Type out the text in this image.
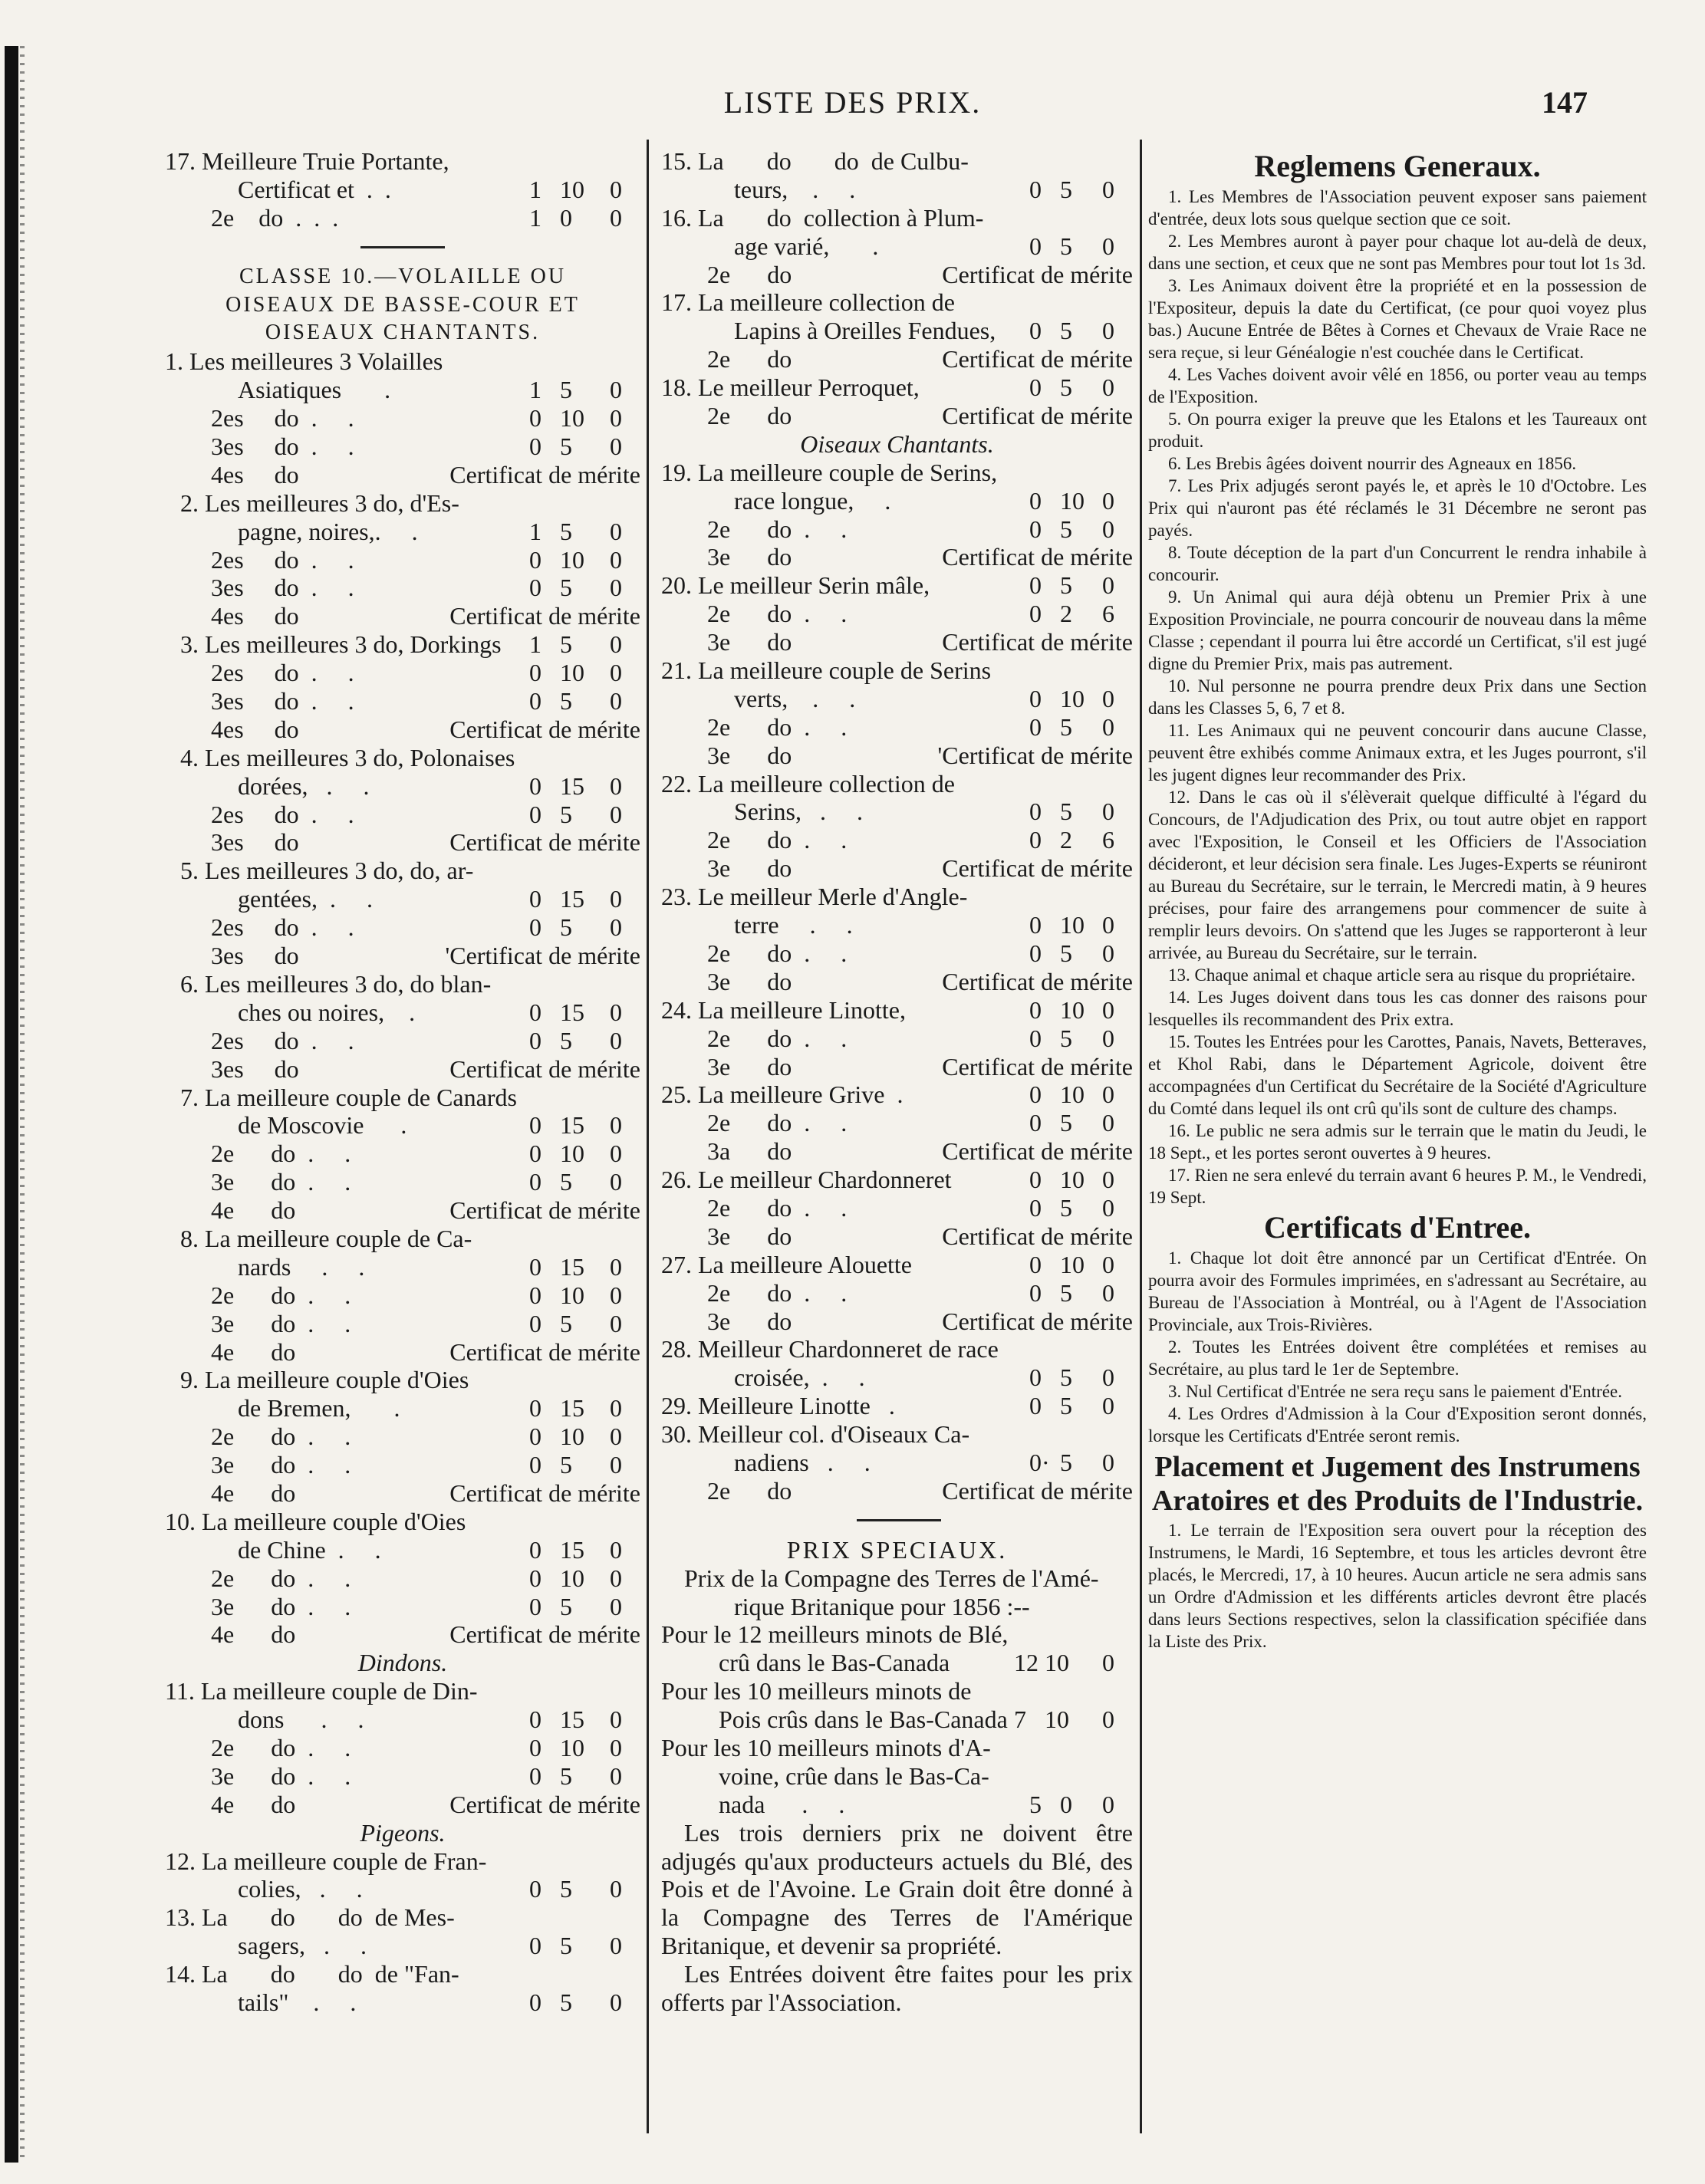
LISTE DES PRIX.	147
17. Meilleure Truie Portante,
Certificat et  .  .	1 10 0
2e    do  .  .  .	1 0 0
CLASSE 10.—VOLAILLE OU
OISEAUX DE BASSE-COUR ET
OISEAUX CHANTANTS.
1. Les meilleures 3 Volailles
Asiatiques       .	1 5 0
2es     do  .     .	0 10 0
3es     do  .     .	0 5 0
4es     do	Certificat de mérite
2. Les meilleures 3 do, d'Es-
pagne, noires,.     .	1 5 0
2es     do  .     .	0 10 0
3es     do  .     .	0 5 0
4es     do	Certificat de mérite
3. Les meilleures 3 do, Dorkings 1 5 0
2es     do  .     .	0 10 0
3es     do  .     .	0 5 0
4es     do	Certificat de mérite
4. Les meilleures 3 do, Polonaises
dorées,   .     .	0 15 0
2es     do  .     .	0 5 0
3es     do	Certificat de mérite
5. Les meilleures 3 do, do, ar-
gentées,  .     .	0 15 0
2es     do  .     .	0 5 0
3es     do	'Certificat de mérite
6. Les meilleures 3 do, do blan-
ches ou noires,    .	0 15 0
2es     do  .     .	0 5 0
3es     do	Certificat de mérite
7. La meilleure couple de Canards
de Moscovie      .	0 15 0
2e      do  .     .	0 10 0
3e      do  .     .	0 5 0
4e      do	Certificat de mérite
8. La meilleure couple de Ca-
nards     .     .	0 15 0
2e      do  .     .	0 10 0
3e      do  .     .	0 5 0
4e      do	Certificat de mérite
9. La meilleure couple d'Oies
de Bremen,       .	0 15 0
2e      do  .     .	0 10 0
3e      do  .     .	0 5 0
4e      do	Certificat de mérite
10. La meilleure couple d'Oies
de Chine  .     .	0 15 0
2e      do  .     .	0 10 0
3e      do  .     .	0 5 0
4e      do	Certificat de mérite
Dindons.
11. La meilleure couple de Din-
dons      .     .	0 15 0
2e      do  .     .	0 10 0
3e      do  .     .	0 5 0
4e      do	Certificat de mérite
Pigeons.
12. La meilleure couple de Fran-
colies,   .     .	0 5 0
13. La       do       do  de Mes-
sagers,   .     .	0 5 0
14. La       do       do  de "Fan-
tails"    .     .	0 5 0
15. La       do       do  de Culbu-
teurs,    .     .	0 5 0
16. La       do  collection à Plum-
age varié,       .	0 5 0
2e      do	Certificat de mérite
17. La meilleure collection de
Lapins à Oreilles Fendues, 0 5 0
2e      do	Certificat de mérite
18. Le meilleur Perroquet,	0 5 0
2e      do	Certificat de mérite
Oiseaux Chantants.
19. La meilleure couple de Serins,
race longue,     .	0 10 0
2e      do  .     .	0 5 0
3e      do	Certificat de mérite
20. Le meilleur Serin mâle,	0 5 0
2e      do  .     .	0 2 6
3e      do	Certificat de mérite
21. La meilleure couple de Serins
verts,    .     .	0 10 0
2e      do  .     .	0 5 0
3e      do	'Certificat de mérite
22. La meilleure collection de
Serins,   .     .	0 5 0
2e      do  .     .	0 2 6
3e      do	Certificat de mérite
23. Le meilleur Merle d'Angle-
terre     .     .	0 10 0
2e      do  .     .	0 5 0
3e      do	Certificat de mérite
24. La meilleure Linotte,	0 10 0
2e      do  .     .	0 5 0
3e      do	Certificat de mérite
25. La meilleure Grive  .	0 10 0
2e      do  .     .	0 5 0
3a      do	Certificat de mérite
26. Le meilleur Chardonneret	0 10 0
2e      do  .     .	0 5 0
3e      do	Certificat de mérite
27. La meilleure Alouette	0 10 0
2e      do  .     .	0 5 0
3e      do	Certificat de mérite
28. Meilleur Chardonneret de race
croisée,  .     .	0 5 0
29. Meilleure Linotte   .	0 5 0
30. Meilleur col. d'Oiseaux Ca-
nadiens   .     .	0· 5 0
2e      do	Certificat de mérite
PRIX SPECIAUX.
Prix de la Compagne des Terres de l'Amé-
rique Britanique pour 1856 :--
Pour le 12 meilleurs minots de Blé,
crû dans le Bas-Canada	12 10 0
Pour les 10 meilleurs minots de
Pois crûs dans le Bas-Canada 7 10 0
Pour les 10 meilleurs minots d'A-
voine, crûe dans le Bas-Ca-
nada      .     .	5 0 0
Les trois derniers prix ne doivent être adjugés qu'aux producteurs actuels du Blé, des Pois et de l'Avoine. Le Grain doit être donné à la Compagne des Terres de l'Amérique Britanique, et devenir sa propriété.
Les Entrées doivent être faites pour les prix offerts par l'Association.

Reglemens Generaux.

1. Les Membres de l'Association peuvent exposer sans paiement d'entrée, deux lots sous quelque section que ce soit.

2. Les Membres auront à payer pour chaque lot au-delà de deux, dans une section, et ceux que ne sont pas Membres pour tout lot 1s 3d.

3. Les Animaux doivent être la propriété et en la possession de l'Expositeur, depuis la date du Certificat, (ce pour quoi voyez plus bas.) Aucune Entrée de Bêtes à Cornes et Chevaux de Vraie Race ne sera reçue, si leur Généalogie n'est couchée dans le Certificat.

4. Les Vaches doivent avoir vêlé en 1856, ou porter veau au temps de l'Exposition.

5. On pourra exiger la preuve que les Etalons et les Taureaux ont produit.

6. Les Brebis âgées doivent nourrir des Agneaux en 1856.

7. Les Prix adjugés seront payés le, et après le 10 d'Octobre. Les Prix qui n'auront pas été réclamés le 31 Décembre ne seront pas payés.

8. Toute déception de la part d'un Concurrent le rendra inhabile à concourir.

9. Un Animal qui aura déjà obtenu un Premier Prix à une Exposition Provinciale, ne pourra concourir de nouveau dans la même Classe ; cependant il pourra lui être accordé un Certificat, s'il est jugé digne du Premier Prix, mais pas autrement.

10. Nul personne ne pourra prendre deux Prix dans une Section dans les Classes 5, 6, 7 et 8.

11. Les Animaux qui ne peuvent concourir dans aucune Classe, peuvent être exhibés comme Animaux extra, et les Juges pourront, s'il les jugent dignes leur recommander des Prix.

12. Dans le cas où il s'élèverait quelque difficulté à l'égard du Concours, de l'Adjudication des Prix, ou tout autre objet en rapport avec l'Exposition, le Conseil et les Officiers de l'Association décideront, et leur décision sera finale. Les Juges-Experts se réuniront au Bureau du Secrétaire, sur le terrain, le Mercredi matin, à 9 heures précises, pour faire des arrangemens pour commencer de suite à remplir leurs devoirs. On s'attend que les Juges se rapporteront à leur arrivée, au Bureau du Secrétaire, sur le terrain.

13. Chaque animal et chaque article sera au risque du propriétaire.

14. Les Juges doivent dans tous les cas donner des raisons pour lesquelles ils recommandent des Prix extra.

15. Toutes les Entrées pour les Carottes, Panais, Navets, Betteraves, et Khol Rabi, dans le Département Agricole, doivent être accompagnées d'un Certificat du Secrétaire de la Société d'Agriculture du Comté dans lequel ils ont crû qu'ils sont de culture des champs.

16. Le public ne sera admis sur le terrain que le matin du Jeudi, le 18 Sept., et les portes seront ouvertes à 9 heures.

17. Rien ne sera enlevé du terrain avant 6 heures P. M., le Vendredi, 19 Sept.

Certificats d'Entree.

1. Chaque lot doit être annoncé par un Certificat d'Entrée. On pourra avoir des Formules imprimées, en s'adressant au Secrétaire, au Bureau de l'Association à Montréal, ou à l'Agent de l'Association Provinciale, aux Trois-Rivières.

2. Toutes les Entrées doivent être complétées et remises au Secrétaire, au plus tard le 1er de Septembre.

3. Nul Certificat d'Entrée ne sera reçu sans le paiement d'Entrée.

4. Les Ordres d'Admission à la Cour d'Exposition seront donnés, lorsque les Certificats d'Entrée seront remis.

Placement et Jugement des Instrumens Aratoires et des Produits de l'Industrie.

1. Le terrain de l'Exposition sera ouvert pour la réception des Instrumens, le Mardi, 16 Septembre, et tous les articles devront être placés, le Mercredi, 17, à 10 heures. Aucun article ne sera admis sans un Ordre d'Admission et les différents articles devront être placés dans leurs Sections respectives, selon la classification spécifiée dans la Liste des Prix.
